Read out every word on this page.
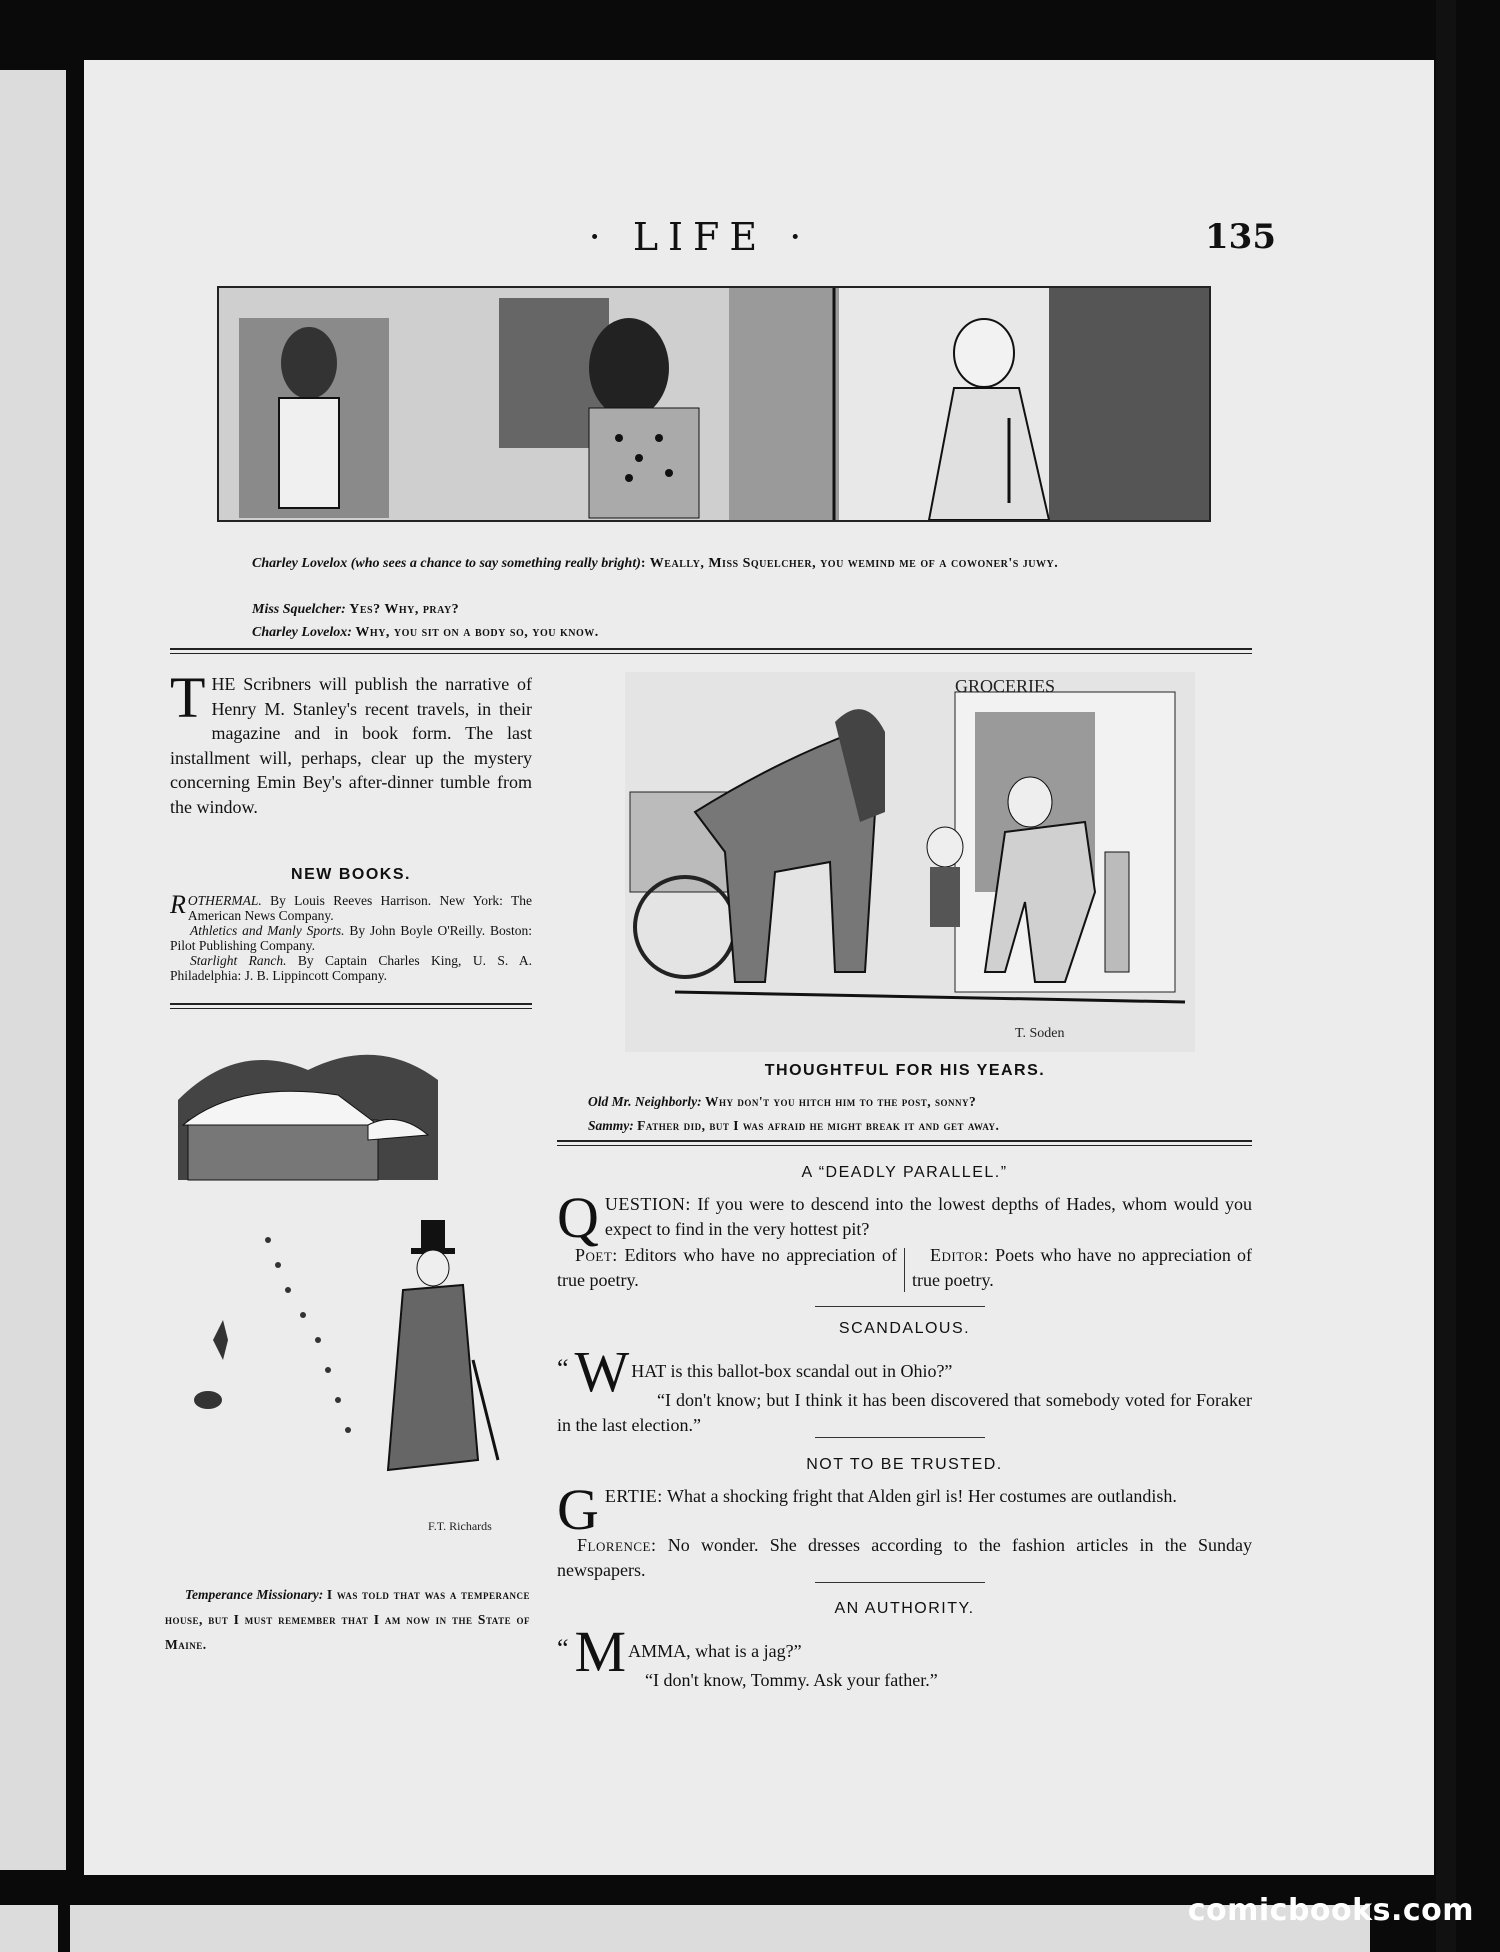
· LIFE ·	135
Charley Lovelox (who sees a chance to say something really bright): Weally, Miss Squelcher, you wemind me of a cowoner's juwy.
Miss Squelcher: Yes? Why, pray?
Charley Lovelox: Why, you sit on a body so, you know.
THE Scribners will publish the narrative of Henry M. Stanley's recent travels, in their magazine and in book form. The last installment will, perhaps, clear up the mystery concerning Emin Bey's after-dinner tumble from the window.
NEW BOOKS.
ROTHERMAL. By Louis Reeves Harrison. New York: The American News Company.
Athletics and Manly Sports. By John Boyle O'Reilly. Boston: Pilot Publishing Company.
Starlight Ranch. By Captain Charles King, U. S. A. Philadelphia: J. B. Lippincott Company.
GROCERIES
T. Soden
THOUGHTFUL FOR HIS YEARS.
Old Mr. Neighborly: Why don't you hitch him to the post, sonny?
Sammy: Father did, but I was afraid he might break it and get away.
F.T. Richards
Temperance Missionary: I was told that was a temperance house, but I must remember that I am now in the State of Maine.
A “DEADLY PARALLEL.”
QUESTION: If you were to descend into the lowest depths of Hades, whom would you expect to find in the very hottest pit?
Poet: Editors who have no appreciation of true poetry.
Editor: Poets who have no appreciation of true poetry.
SCANDALOUS.
“ W HAT is this ballot-box scandal out in Ohio?”
“I don't know; but I think it has been discovered that somebody voted for Foraker in the last election.”
NOT TO BE TRUSTED.
GERTIE: What a shocking fright that Alden girl is! Her costumes are outlandish.
Florence: No wonder. She dresses according to the fashion articles in the Sunday newspapers.
AN AUTHORITY.
“ M AMMA, what is a jag?”
“I don't know, Tommy. Ask your father.”
comicbooks.com
